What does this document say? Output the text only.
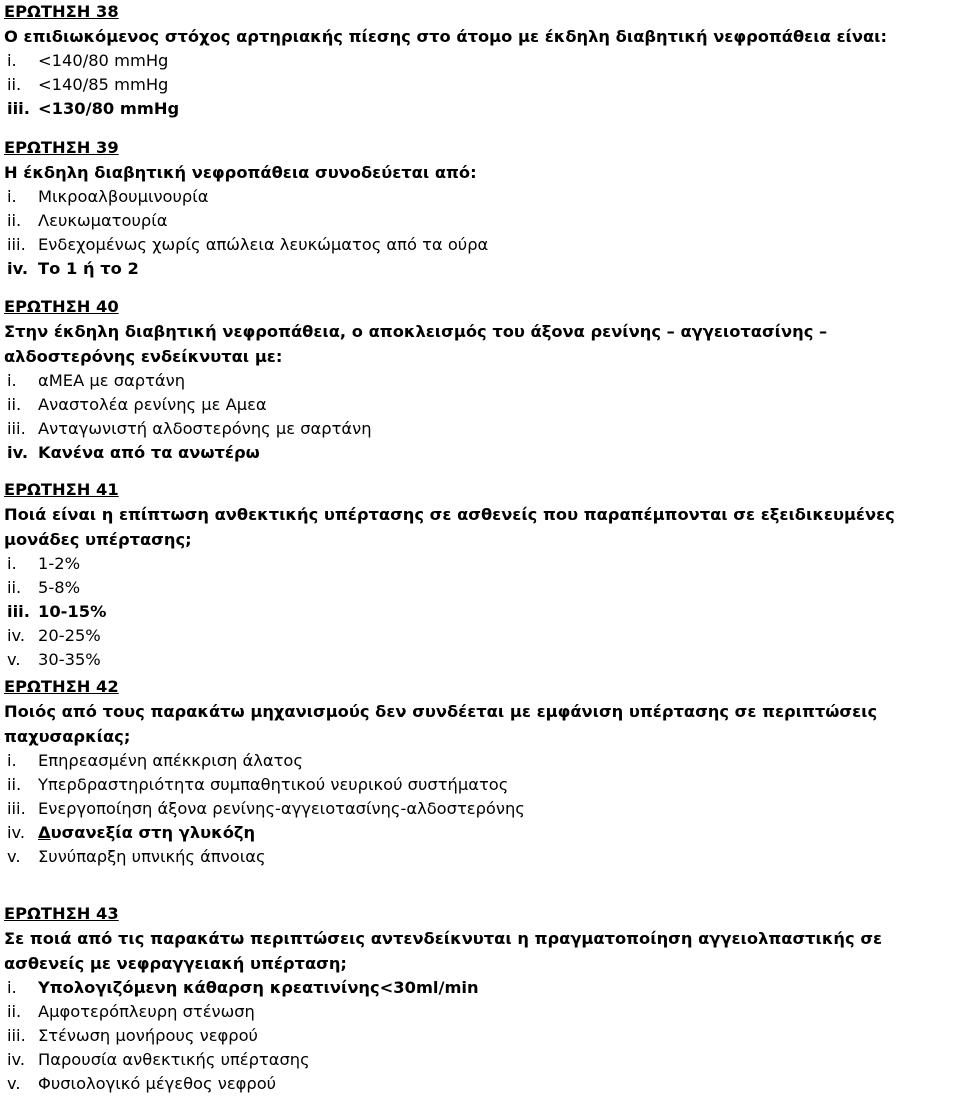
ΕΡΩΤΗΣΗ 38
Ο επιδιωκόμενος στόχος αρτηριακής πίεσης στο άτομο με έκδηλη διαβητική νεφροπάθεια είναι:
i. <140/80 mmHg
ii. <140/85 mmHg
iii. <130/80 mmHg
ΕΡΩΤΗΣΗ 39
Η έκδηλη διαβητική νεφροπάθεια συνοδεύεται από:
i. Μικροαλβουμινουρία
ii. Λευκωματουρία
iii. Ενδεχομένως χωρίς απώλεια λευκώματος από τα ούρα
iv. Το 1 ή το 2
ΕΡΩΤΗΣΗ 40
Στην έκδηλη διαβητική νεφροπάθεια, ο αποκλεισμός του άξονα ρενίνης – αγγειοτασίνης –
αλδοστερόνης ενδείκνυται με:
i. αΜΕΑ με σαρτάνη
ii. Αναστολέα ρενίνης με Αμεα
iii. Ανταγωνιστή αλδοστερόνης με σαρτάνη
iv. Κανένα από τα ανωτέρω
ΕΡΩΤΗΣΗ 41
Ποιά είναι η επίπτωση ανθεκτικής υπέρτασης σε ασθενείς που παραπέμπονται σε εξειδικευμένες
μονάδες υπέρτασης;
i. 1-2%
ii. 5-8%
iii. 10-15%
iv. 20-25%
v. 30-35%
ΕΡΩΤΗΣΗ 42
Ποιός από τους παρακάτω μηχανισμούς δεν συνδέεται με εμφάνιση υπέρτασης σε περιπτώσεις
παχυσαρκίας;
i. Επηρεασμένη απέκκριση άλατος
ii. Υπερδραστηριότητα συμπαθητικού νευρικού συστήματος
iii. Ενεργοποίηση άξονα ρενίνης-αγγειοτασίνης-αλδοστερόνης
iv. Δυσανεξία στη γλυκόζη
v. Συνύπαρξη υπνικής άπνοιας
ΕΡΩΤΗΣΗ 43
Σε ποιά από τις παρακάτω περιπτώσεις αντενδείκνυται η πραγματοποίηση αγγειολπαστικής σε
ασθενείς με νεφραγγειακή υπέρταση;
i. Υπολογιζόμενη κάθαρση κρεατινίνης<30ml/min
ii. Αμφοτερόπλευρη στένωση
iii. Στένωση μονήρους νεφρού
iv. Παρουσία ανθεκτικής υπέρτασης
v. Φυσιολογικό μέγεθος νεφρού
